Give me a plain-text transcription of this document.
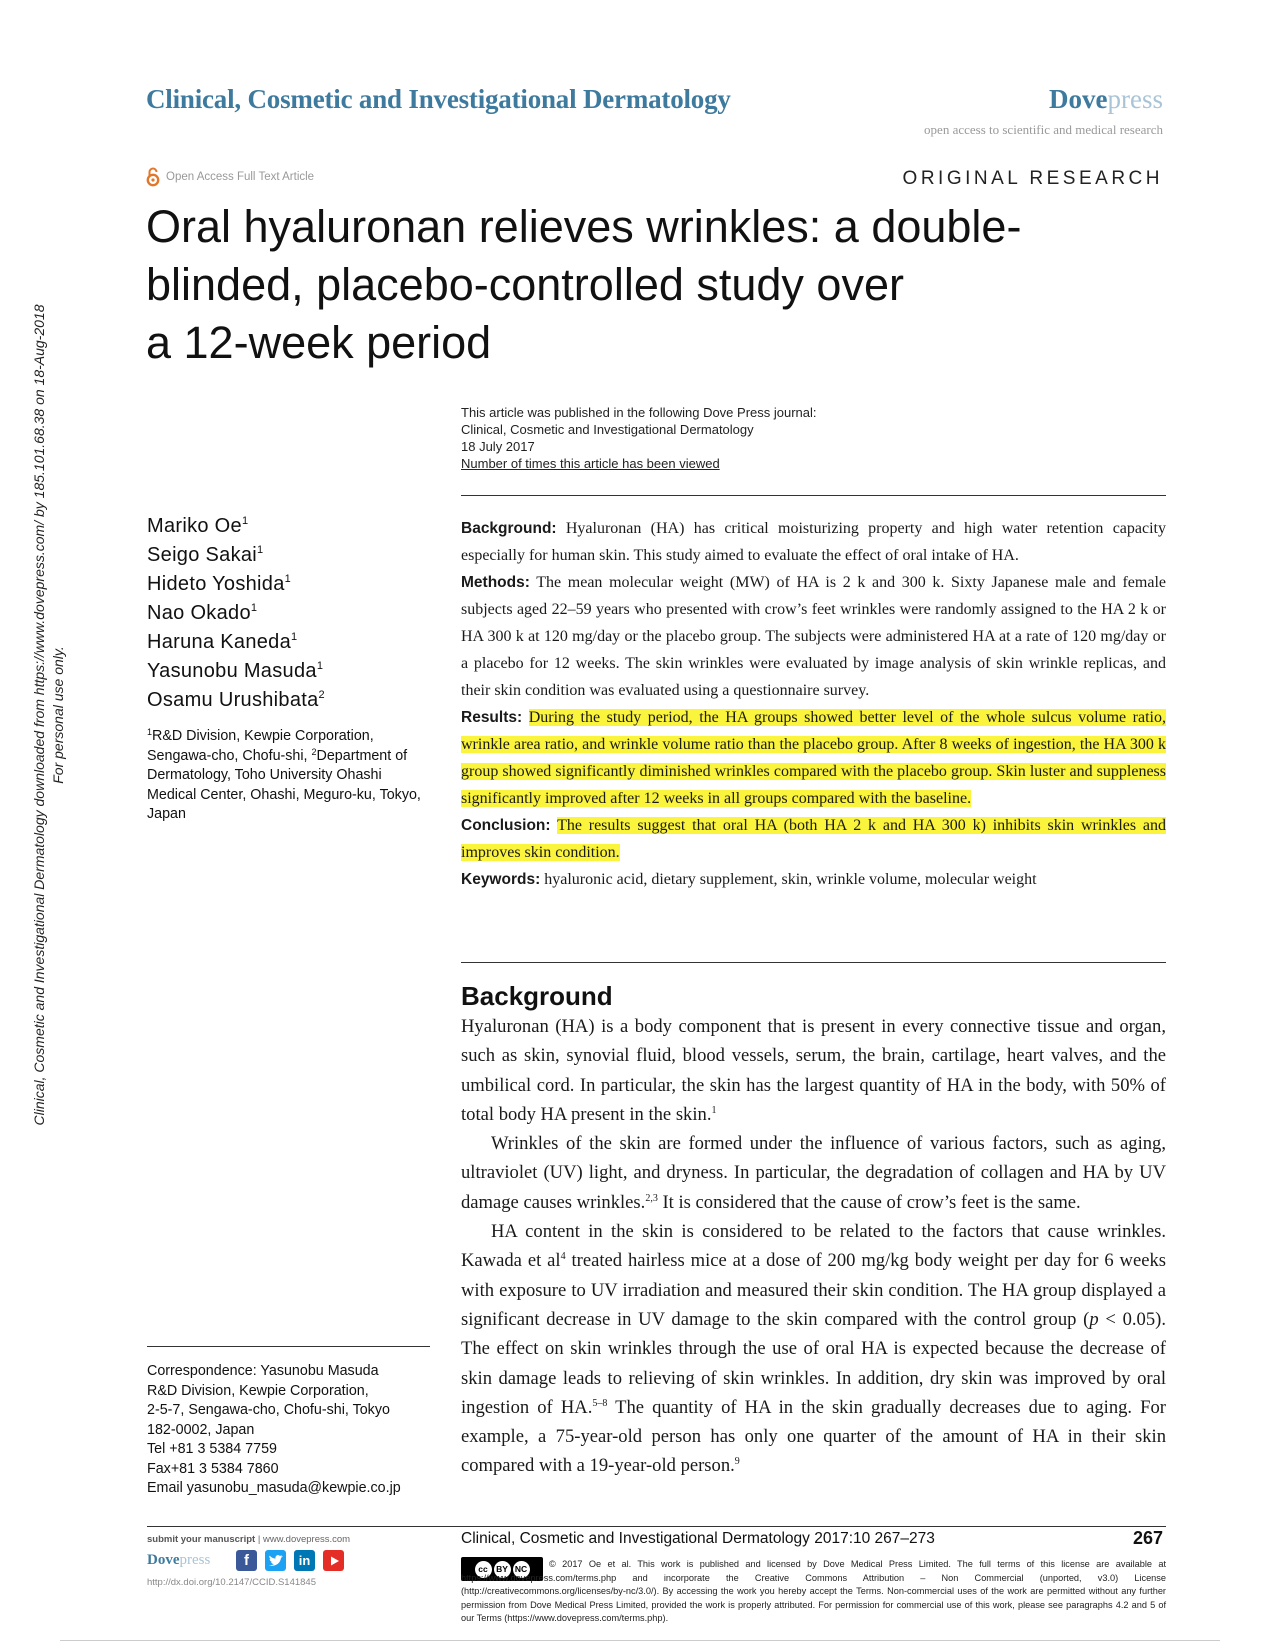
Clinical, Cosmetic and Investigational Dermatology downloaded from https://www.dovepress.com/ by 185.101.68.38 on 18-Aug-2018 For personal use only.
Clinical, Cosmetic and Investigational Dermatology	Dovepress
open access to scientific and medical research
Open Access Full Text Article	ORIGINAL RESEARCH
Oral hyaluronan relieves wrinkles: a double-
blinded, placebo-controlled study over
a 12-week period
This article was published in the following Dove Press journal:
Clinical, Cosmetic and Investigational Dermatology
18 July 2017
Number of times this article has been viewed
Mariko Oe$^1$
Seigo Sakai$^1$
Hideto Yoshida$^1$
Nao Okado$^1$
Haruna Kaneda$^1$
Yasunobu Masuda$^1$
Osamu Urushibata$^2$
$^1$R&D Division, Kewpie Corporation, Sengawa-cho, Chofu-shi, $^2$Department of Dermatology, Toho University Ohashi Medical Center, Ohashi, Meguro-ku, Tokyo, Japan
Correspondence: Yasunobu Masuda
R&D Division, Kewpie Corporation,
2-5-7, Sengawa-cho, Chofu-shi, Tokyo
182-0002, Japan
Tel +81 3 5384 7759
Fax+81 3 5384 7860
Email yasunobu_masuda@kewpie.co.jp

Background: Hyaluronan (HA) has critical moisturizing property and high water retention capacity especially for human skin. This study aimed to evaluate the effect of oral intake of HA.

Methods: The mean molecular weight (MW) of HA is 2 k and 300 k. Sixty Japanese male and female subjects aged 22–59 years who presented with crow’s feet wrinkles were randomly assigned to the HA 2 k or HA 300 k at 120 mg/day or the placebo group. The subjects were administered HA at a rate of 120 mg/day or a placebo for 12 weeks. The skin wrinkles were evaluated by image analysis of skin wrinkle replicas, and their skin condition was evaluated using a questionnaire survey.

Results: During the study period, the HA groups showed better level of the whole sulcus volume ratio, wrinkle area ratio, and wrinkle volume ratio than the placebo group. After 8 weeks of ingestion, the HA 300 k group showed significantly diminished wrinkles compared with the placebo group. Skin luster and suppleness significantly improved after 12 weeks in all groups compared with the baseline.

Conclusion: The results suggest that oral HA (both HA 2 k and HA 300 k) inhibits skin wrinkles and improves skin condition.

Keywords: hyaluronic acid, dietary supplement, skin, wrinkle volume, molecular weight

Background

Hyaluronan (HA) is a body component that is present in every connective tissue and organ, such as skin, synovial fluid, blood vessels, serum, the brain, cartilage, heart valves, and the umbilical cord. In particular, the skin has the largest quantity of HA in the body, with 50% of total body HA present in the skin.$^1$

Wrinkles of the skin are formed under the influence of various factors, such as aging, ultraviolet (UV) light, and dryness. In particular, the degradation of collagen and HA by UV damage causes wrinkles.$^{2,3}$ It is considered that the cause of crow’s feet is the same.

HA content in the skin is considered to be related to the factors that cause wrinkles. Kawada et $al^4$ treated hairless mice at a dose of 200 mg/kg body weight per day for 6 weeks with exposure to UV irradiation and measured their skin condition. The HA group displayed a significant decrease in UV damage to the skin compared with the control group (p < 0.05). The effect on skin wrinkles through the use of oral HA is expected because the decrease of skin damage leads to relieving of skin wrinkles. In addition, dry skin was improved by oral ingestion of HA.$^{5-8}$ The quantity of HA in the skin gradually decreases due to aging. For example, a 75-year-old person has only one quarter of the amount of HA in their skin compared with a 19-year-old person.$^9$

submit your manuscript | www.dovepress.com
Dovepress	f	in
http://dx.doi.org/10.2147/CCID.S141845
Clinical, Cosmetic and Investigational Dermatology 2017:10 267–273	267
cc BY NC	© 2017 Oe et al. This work is published and licensed by Dove Medical Press Limited. The full terms of this license are available at https://www.dovepress.com/terms.php and incorporate the Creative Commons Attribution – Non Commercial (unported, v3.0) License (http://creativecommons.org/licenses/by-nc/3.0/). By accessing the work you hereby accept the Terms. Non-commercial uses of the work are permitted without any further permission from Dove Medical Press Limited, provided the work is properly attributed. For permission for commercial use of this work, please see paragraphs 4.2 and 5 of our Terms (https://www.dovepress.com/terms.php).
